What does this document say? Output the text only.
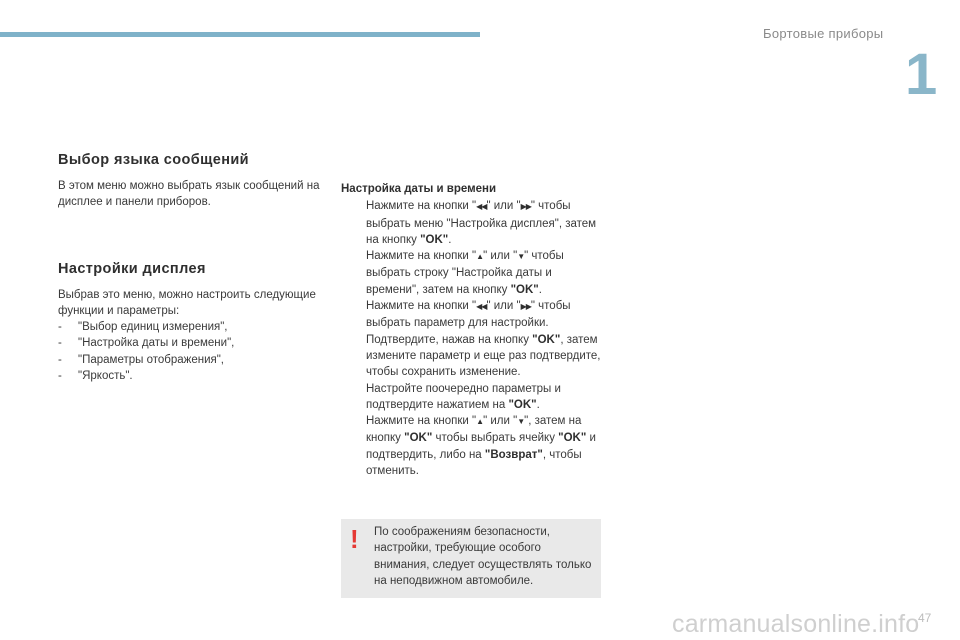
Бортовые приборы
1
Выбор языка сообщений

В этом меню можно выбрать язык сообщений на дисплее и панели приборов.

Настройки дисплея

Выбрав это меню, можно настроить следующие функции и параметры:

- "Выбор единиц измерения",
- "Настройка даты и времени",
- "Параметры отображения",
- "Яркость".
Настройка даты и времени
Нажмите на кнопки "◀◀" или "▶▶" чтобы выбрать меню "Настройка дисплея", затем на кнопку "OK".
Нажмите на кнопки "▲" или "▼" чтобы выбрать строку "Настройка даты и времени", затем на кнопку "OK".
Нажмите на кнопки "◀◀" или "▶▶" чтобы выбрать параметр для настройки. Подтвердите, нажав на кнопку "OK", затем измените параметр и еще раз подтвердите, чтобы сохранить изменение.
Настройте поочередно параметры и подтвердите нажатием на "OK".
Нажмите на кнопки "▲" или "▼", затем на кнопку "OK" чтобы выбрать ячейку "OK" и подтвердить, либо на "Возврат", чтобы отменить.
! По соображениям безопасности, настройки, требующие особого внимания, следует осуществлять только на неподвижном автомобиле.
47
carmanualsonline.info
